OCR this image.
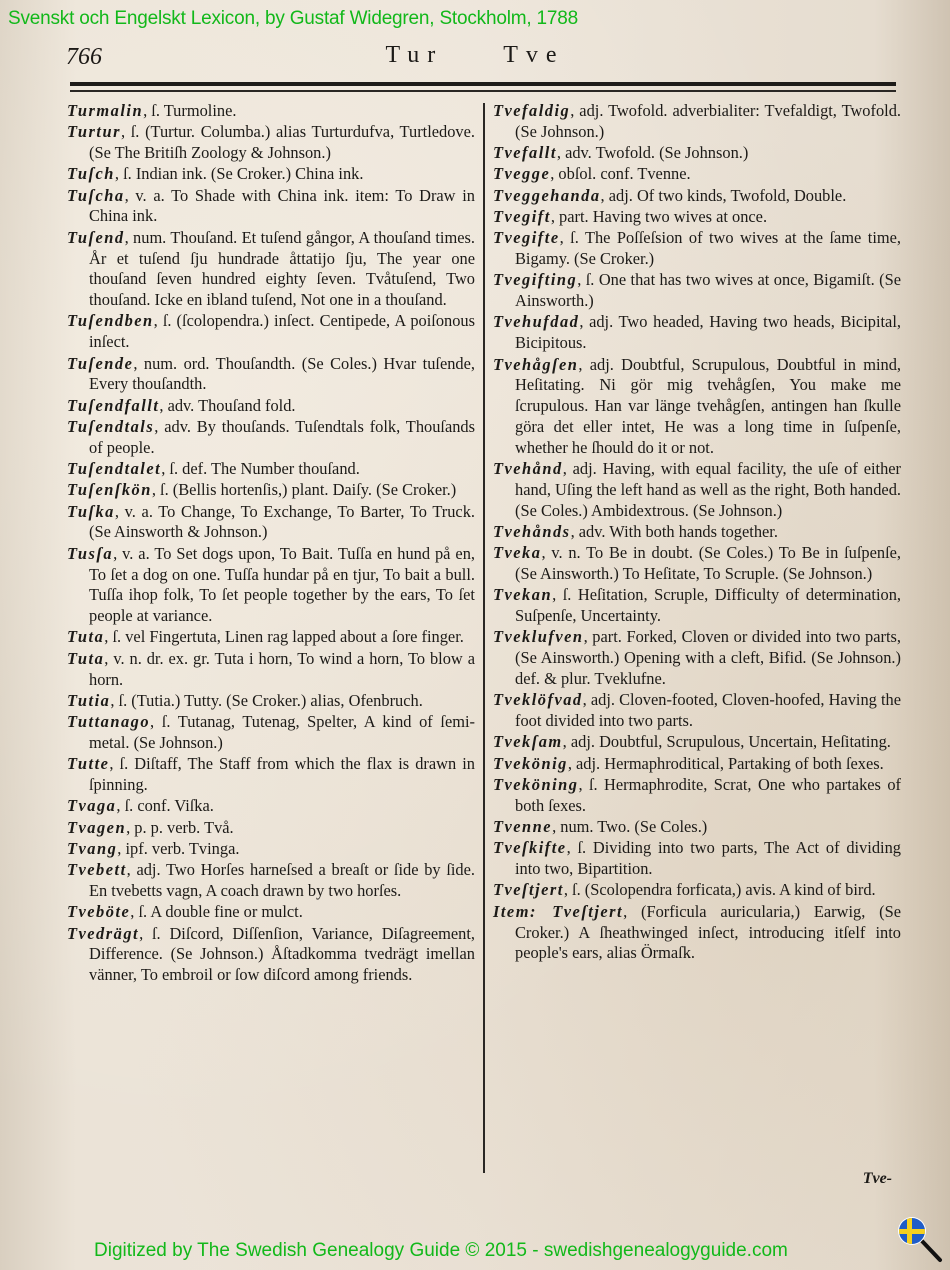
Svenskt och Engelskt Lexicon, by Gustaf Widegren, Stockholm, 1788
766	Tur	Tve
Turmalin, ſ. Turmoline.
Turtur, ſ. (Turtur. Columba.) alias Turturdufva, Turtledove. (Se The Britiſh Zoology & Johnson.)
Tuſch, ſ. Indian ink. (Se Croker.) China ink.
Tuſcha, v. a. To Shade with China ink. item: To Draw in China ink.
Tuſend, num. Thouſand. Et tuſend gångor, A thouſand times. År et tuſend ſju hundrade åttatijo ſju, The year one thouſand ſeven hundred eighty ſeven. Tvåtuſend, Two thouſand. Icke en ibland tuſend, Not one in a thouſand.
Tuſendben, ſ. (ſcolopendra.) inſect. Centipede, A poiſonous inſect.
Tuſende, num. ord. Thouſandth. (Se Coles.) Hvar tuſende, Every thouſandth.
Tuſendfallt, adv. Thouſand fold.
Tuſendtals, adv. By thouſands. Tuſendtals folk, Thouſands of people.
Tuſendtalet, ſ. def. The Number thouſand.
Tuſenſkön, ſ. (Bellis hortenſis,) plant. Daiſy. (Se Croker.)
Tuſka, v. a. To Change, To Exchange, To Barter, To Truck. (Se Ainsworth & Johnson.)
Tusſa, v. a. To Set dogs upon, To Bait. Tuſſa en hund på en, To ſet a dog on one. Tuſſa hundar på en tjur, To bait a bull. Tuſſa ihop folk, To ſet people together by the ears, To ſet people at variance.
Tuta, ſ. vel Fingertuta, Linen rag lapped about a ſore finger.
Tuta, v. n. dr. ex. gr. Tuta i horn, To wind a horn, To blow a horn.
Tutia, ſ. (Tutia.) Tutty. (Se Croker.) alias, Ofenbruch.
Tuttanago, ſ. Tutanag, Tutenag, Spelter, A kind of ſemi-metal. (Se Johnson.)
Tutte, ſ. Diſtaff, The Staff from which the flax is drawn in ſpinning.
Tvaga, ſ. conf. Viſka.
Tvagen, p. p. verb. Två.
Tvang, ipf. verb. Tvinga.
Tvebett, adj. Two Horſes harneſsed a breaſt or ſide by ſide. En tvebetts vagn, A coach drawn by two horſes.
Tveböte, ſ. A double fine or mulct.
Tvedrägt, ſ. Diſcord, Diſſenſion, Variance, Diſagreement, Difference. (Se Johnson.) Åſtadkomma tvedrägt imellan vänner, To embroil or ſow diſcord among friends.
Tvefaldig, adj. Twofold. adverbialiter: Tvefaldigt, Twofold. (Se Johnson.)
Tvefallt, adv. Twofold. (Se Johnson.)
Tvegge, obſol. conf. Tvenne.
Tveggehanda, adj. Of two kinds, Twofold, Double.
Tvegift, part. Having two wives at once.
Tvegifte, ſ. The Poſſeſsion of two wives at the ſame time, Bigamy. (Se Croker.)
Tvegifting, ſ. One that has two wives at once, Bigamiſt. (Se Ainsworth.)
Tvehufdad, adj. Two headed, Having two heads, Bicipital, Bicipitous.
Tvehågſen, adj. Doubtful, Scrupulous, Doubtful in mind, Heſitating. Ni gör mig tvehågſen, You make me ſcrupulous. Han var länge tvehågſen, antingen han ſkulle göra det eller intet, He was a long time in ſuſpenſe, whether he ſhould do it or not.
Tvehånd, adj. Having, with equal facility, the uſe of either hand, Uſing the left hand as well as the right, Both handed. (Se Coles.) Ambidextrous. (Se Johnson.)
Tvehånds, adv. With both hands together.
Tveka, v. n. To Be in doubt. (Se Coles.) To Be in ſuſpenſe, (Se Ainsworth.) To Heſitate, To Scruple. (Se Johnson.)
Tvekan, ſ. Heſitation, Scruple, Difficulty of determination, Suſpenſe, Uncertainty.
Tveklufven, part. Forked, Cloven or divided into two parts, (Se Ainsworth.) Opening with a cleft, Bifid. (Se Johnson.) def. & plur. Tveklufne.
Tveklöfvad, adj. Cloven-footed, Cloven-hoofed, Having the foot divided into two parts.
Tvekſam, adj. Doubtful, Scrupulous, Uncertain, Heſitating.
Tvekönig, adj. Hermaphroditical, Partaking of both ſexes.
Tveköning, ſ. Hermaphrodite, Scrat, One who partakes of both ſexes.
Tvenne, num. Two. (Se Coles.)
Tveſkifte, ſ. Dividing into two parts, The Act of dividing into two, Bipartition.
Tveſtjert, ſ. (Scolopendra forficata,) avis. A kind of bird.
Item: Tveſtjert, (Forficula auricularia,) Earwig, (Se Croker.) A ſheathwinged inſect, introducing itſelf into people's ears, alias Örmaſk.
Tve-
Digitized by The Swedish Genealogy Guide © 2015 - swedishgenealogyguide.com
